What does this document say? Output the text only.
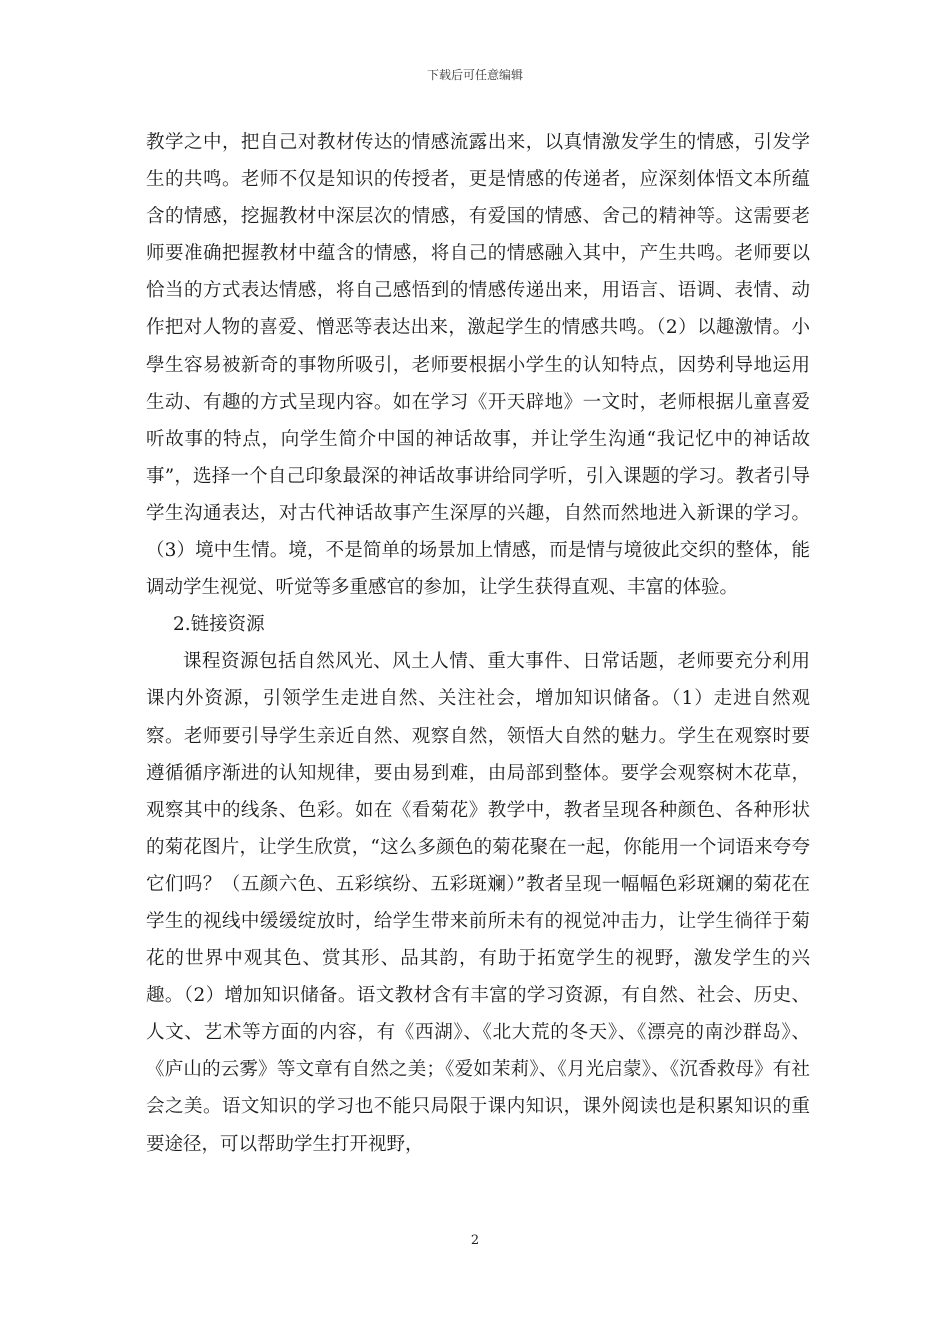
下载后可任意编辑

教学之中，把自己对教材传达的情感流露出来，以真情激发学生的情感，引发学生的共鸣。老师不仅是知识的传授者，更是情感的传递者，应深刻体悟文本所蕴含的情感，挖掘教材中深层次的情感，有爱国的情感、舍己的精神等。这需要老师要准确把握教材中蕴含的情感，将自己的情感融入其中，产生共鸣。老师要以恰当的方式表达情感，将自己感悟到的情感传递出来，用语言、语调、表情、动作把对人物的喜爱、憎恶等表达出来，激起学生的情感共鸣。（2）以趣激情。小學生容易被新奇的事物所吸引，老师要根据小学生的认知特点，因势利导地运用生动、有趣的方式呈现内容。如在学习《开天辟地》一文时，老师根据儿童喜爱听故事的特点，向学生简介中国的神话故事，并让学生沟通“我记忆中的神话故事”，选择一个自己印象最深的神话故事讲给同学听，引入课题的学习。教者引导学生沟通表达，对古代神话故事产生深厚的兴趣，自然而然地进入新课的学习。（3）境中生情。境，不是简单的场景加上情感，而是情与境彼此交织的整体，能调动学生视觉、听觉等多重感官的参加，让学生获得直观、丰富的体验。

2.链接资源

课程资源包括自然风光、风土人情、重大事件、日常话题，老师要充分利用课内外资源，引领学生走进自然、关注社会，增加知识储备。（1）走进自然观察。老师要引导学生亲近自然、观察自然，领悟大自然的魅力。学生在观察时要遵循循序渐进的认知规律，要由易到难，由局部到整体。要学会观察树木花草，观察其中的线条、色彩。如在《看菊花》教学中，教者呈现各种颜色、各种形状的菊花图片，让学生欣赏，“这么多颜色的菊花聚在一起，你能用一个词语来夸夸它们吗？（五颜六色、五彩缤纷、五彩斑斓）”教者呈现一幅幅色彩斑斓的菊花在学生的视线中缓缓绽放时，给学生带来前所未有的视觉冲击力，让学生徜徉于菊花的世界中观其色、赏其形、品其韵，有助于拓宽学生的视野，激发学生的兴趣。（2）增加知识储备。语文教材含有丰富的学习资源，有自然、社会、历史、人文、艺术等方面的内容，有《西湖》、《北大荒的冬天》、《漂亮的南沙群岛》、《庐山的云雾》等文章有自然之美；《爱如茉莉》、《月光启蒙》、《沉香救母》有社会之美。语文知识的学习也不能只局限于课内知识，课外阅读也是积累知识的重要途径，可以帮助学生打开视野，

2
